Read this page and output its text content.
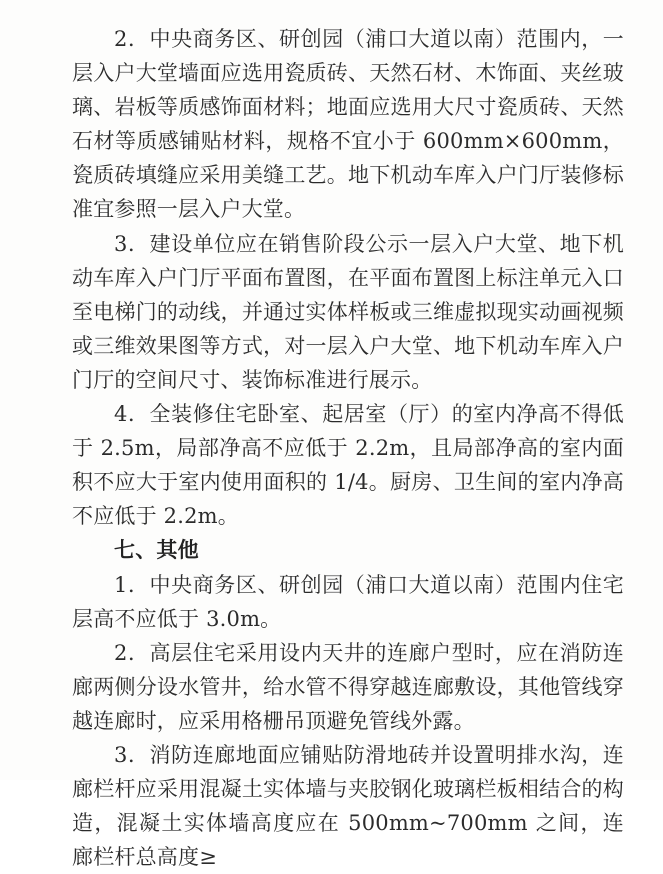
2．中央商务区、研创园（浦口大道以南）范围内，一层入户大堂墙面应选用瓷质砖、天然石材、木饰面、夹丝玻璃、岩板等质感饰面材料；地面应选用大尺寸瓷质砖、天然石材等质感铺贴材料，规格不宜小于 600mm×600mm，瓷质砖填缝应采用美缝工艺。地下机动车库入户门厅装修标准宜参照一层入户大堂。

3．建设单位应在销售阶段公示一层入户大堂、地下机动车库入户门厅平面布置图，在平面布置图上标注单元入口至电梯门的动线，并通过实体样板或三维虚拟现实动画视频或三维效果图等方式，对一层入户大堂、地下机动车库入户门厅的空间尺寸、装饰标准进行展示。

4．全装修住宅卧室、起居室（厅）的室内净高不得低于 2.5m，局部净高不应低于 2.2m，且局部净高的室内面积不应大于室内使用面积的 1/4。厨房、卫生间的室内净高不应低于 2.2m。

七、其他

1．中央商务区、研创园（浦口大道以南）范围内住宅层高不应低于 3.0m。

2．高层住宅采用设内天井的连廊户型时，应在消防连廊两侧分设水管井，给水管不得穿越连廊敷设，其他管线穿越连廊时，应采用格栅吊顶避免管线外露。

3．消防连廊地面应铺贴防滑地砖并设置明排水沟，连廊栏杆应采用混凝土实体墙与夹胶钢化玻璃栏板相结合的构造，混凝土实体墙高度应在 500mm~700mm 之间，连廊栏杆总高度≥
